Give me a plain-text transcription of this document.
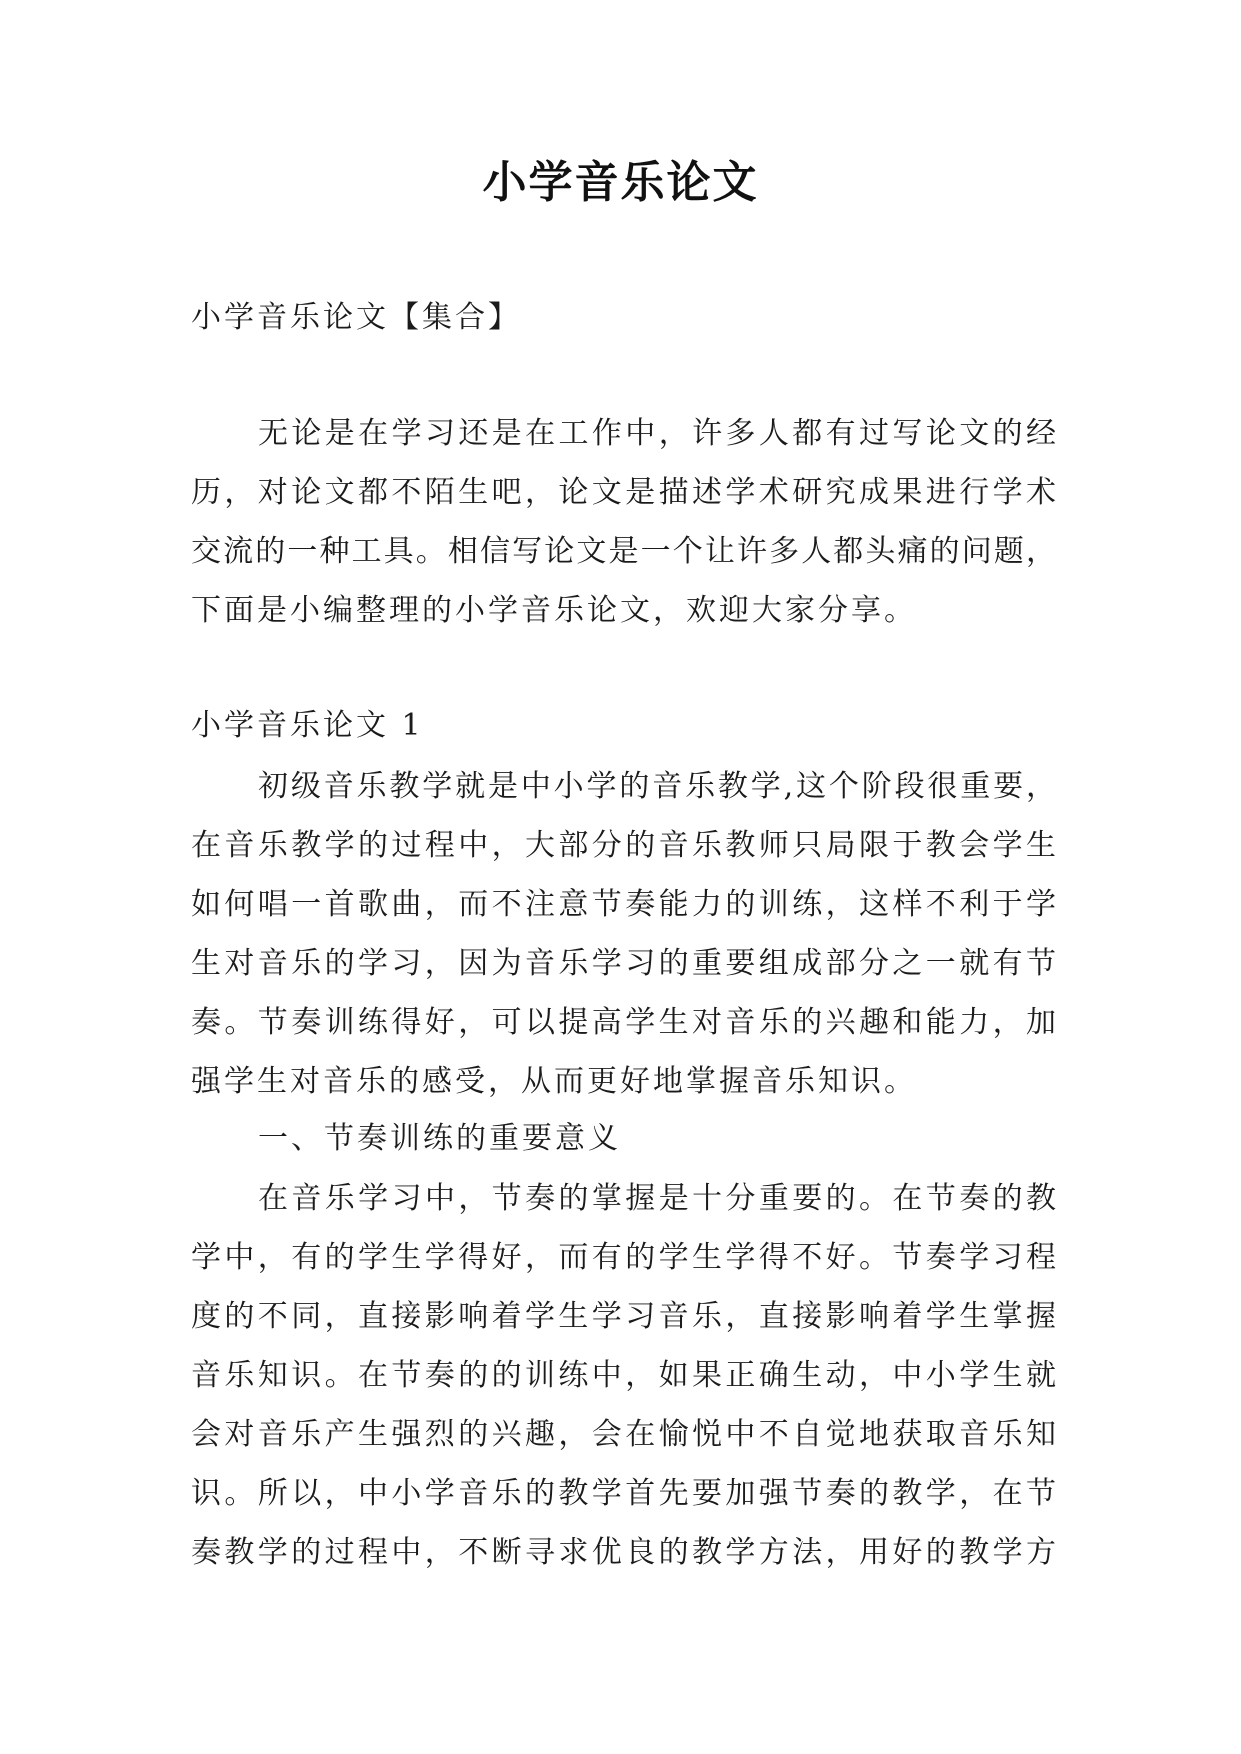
小学音乐论文
小学音乐论文【集合】
无论是在学习还是在工作中，许多人都有过写论文的经
历，对论文都不陌生吧，论文是描述学术研究成果进行学术
交流的一种工具。相信写论文是一个让许多人都头痛的问题，
下面是小编整理的小学音乐论文，欢迎大家分享。
小学音乐论文 1
初级音乐教学就是中小学的音乐教学,这个阶段很重要，
在音乐教学的过程中，大部分的音乐教师只局限于教会学生
如何唱一首歌曲，而不注意节奏能力的训练，这样不利于学
生对音乐的学习，因为音乐学习的重要组成部分之一就有节
奏。节奏训练得好，可以提高学生对音乐的兴趣和能力，加
强学生对音乐的感受，从而更好地掌握音乐知识。
一、节奏训练的重要意义
在音乐学习中，节奏的掌握是十分重要的。在节奏的教
学中，有的学生学得好，而有的学生学得不好。节奏学习程
度的不同，直接影响着学生学习音乐，直接影响着学生掌握
音乐知识。在节奏的的训练中，如果正确生动，中小学生就
会对音乐产生强烈的兴趣，会在愉悦中不自觉地获取音乐知
识。所以，中小学音乐的教学首先要加强节奏的教学，在节
奏教学的过程中，不断寻求优良的教学方法，用好的教学方
